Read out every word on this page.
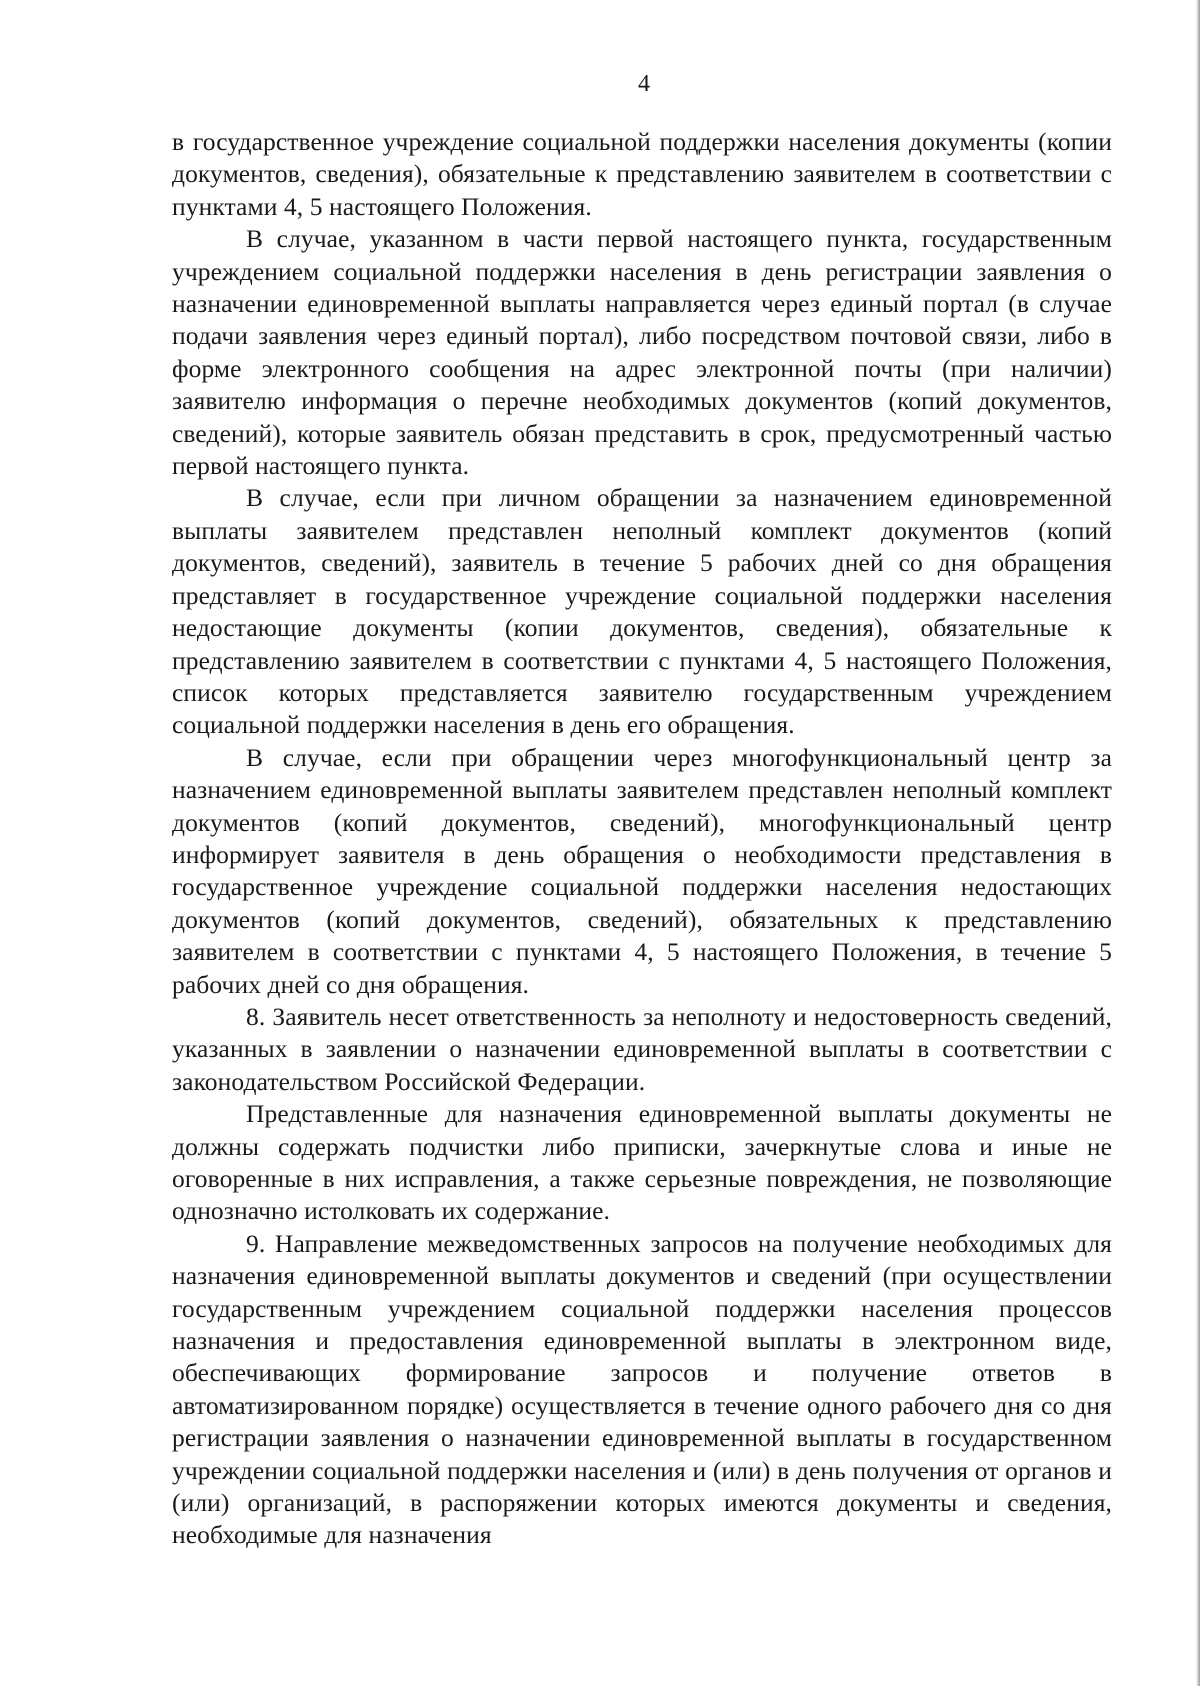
4

в государственное учреждение социальной поддержки населения документы (копии документов, сведения), обязательные к представлению заявителем в соответствии с пунктами 4, 5 настоящего Положения.

В случае, указанном в части первой настоящего пункта, государственным учреждением социальной поддержки населения в день регистрации заявления о назначении единовременной выплаты направляется через единый портал (в случае подачи заявления через единый портал), либо посредством почтовой связи, либо в форме электронного сообщения на адрес электронной почты (при наличии) заявителю информация о перечне необходимых документов (копий документов, сведений), которые заявитель обязан представить в срок, предусмотренный частью первой настоящего пункта.

В случае, если при личном обращении за назначением единовременной выплаты заявителем представлен неполный комплект документов (копий документов, сведений), заявитель в течение 5 рабочих дней со дня обращения представляет в государственное учреждение социальной поддержки населения недостающие документы (копии документов, сведения), обязательные к представлению заявителем в соответствии с пунктами 4, 5 настоящего Положения, список которых представляется заявителю государственным учреждением социальной поддержки населения в день его обращения.

В случае, если при обращении через многофункциональный центр за назначением единовременной выплаты заявителем представлен неполный комплект документов (копий документов, сведений), многофункциональный центр информирует заявителя в день обращения о необходимости представления в государственное учреждение социальной поддержки населения недостающих документов (копий документов, сведений), обязательных к представлению заявителем в соответствии с пунктами 4, 5 настоящего Положения, в течение 5 рабочих дней со дня обращения.

8. Заявитель несет ответственность за неполноту и недостоверность сведений, указанных в заявлении о назначении единовременной выплаты в соответствии с законодательством Российской Федерации.

Представленные для назначения единовременной выплаты документы не должны содержать подчистки либо приписки, зачеркнутые слова и иные не оговоренные в них исправления, а также серьезные повреждения, не позволяющие однозначно истолковать их содержание.

9. Направление межведомственных запросов на получение необходимых для назначения единовременной выплаты документов и сведений (при осуществлении государственным учреждением социальной поддержки населения процессов назначения и предоставления единовременной выплаты в электронном виде, обеспечивающих формирование запросов и получение ответов в автоматизированном порядке) осуществляется в течение одного рабочего дня со дня регистрации заявления о назначении единовременной выплаты в государственном учреждении социальной поддержки населения и (или) в день получения от органов и (или) организаций, в распоряжении которых имеются документы и сведения, необходимые для назначения
